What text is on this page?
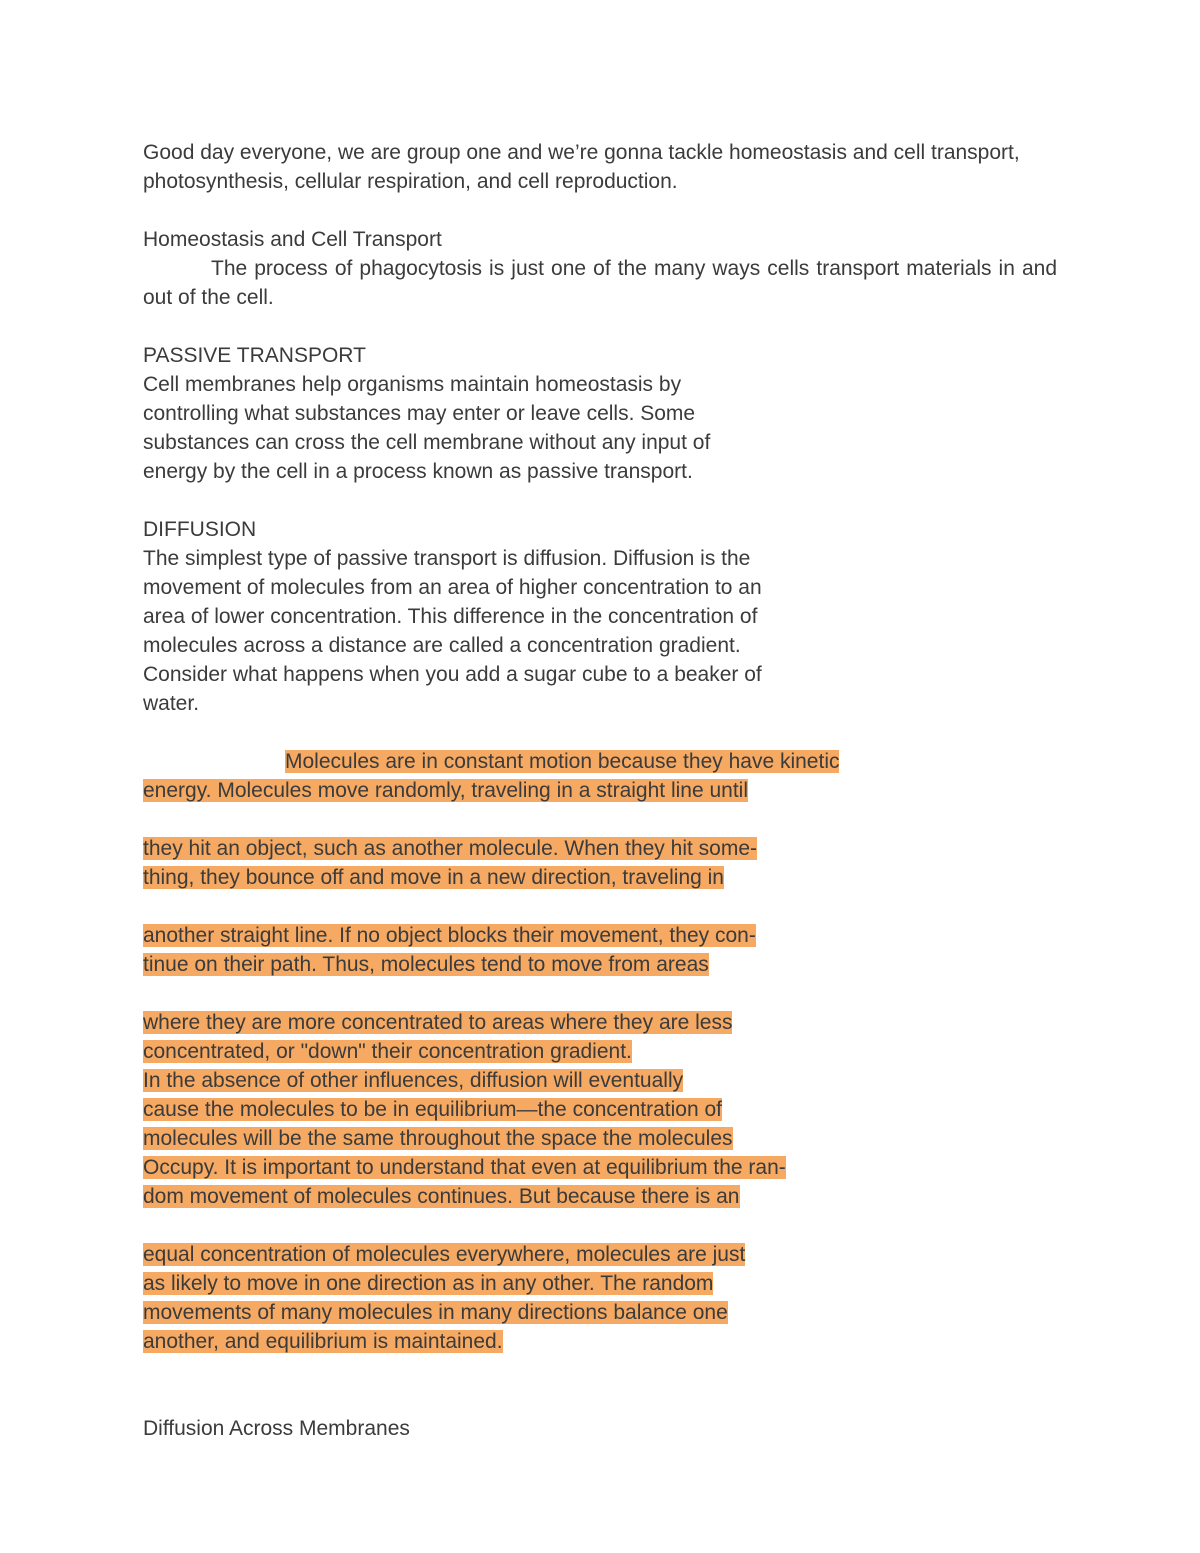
Good day everyone, we are group one and we’re gonna tackle homeostasis and cell transport,
photosynthesis, cellular respiration, and cell reproduction.
Homeostasis and Cell Transport
The process of phagocytosis is just one of the many ways cells transport materials in and out of the cell.
PASSIVE TRANSPORT
Cell membranes help organisms maintain homeostasis by
controlling what substances may enter or leave cells. Some
substances can cross the cell membrane without any input of
energy by the cell in a process known as passive transport.
DIFFUSION
The simplest type of passive transport is diffusion. Diffusion is the
movement of molecules from an area of higher concentration to an
area of lower concentration. This difference in the concentration of
molecules across a distance are called a concentration gradient.
Consider what happens when you add a sugar cube to a beaker of
water.
Molecules are in constant motion because they have kinetic
energy. Molecules move randomly, traveling in a straight line until
they hit an object, such as another molecule. When they hit some-
thing, they bounce off and move in a new direction, traveling in
another straight line. If no object blocks their movement, they con-
tinue on their path. Thus, molecules tend to move from areas
where they are more concentrated to areas where they are less
concentrated, or "down" their concentration gradient.
In the absence of other influences, diffusion will eventually
cause the molecules to be in equilibrium—the concentration of
molecules will be the same throughout the space the molecules
Occupy. It is important to understand that even at equilibrium the ran-
dom movement of molecules continues. But because there is an
equal concentration of molecules everywhere, molecules are just
as likely to move in one direction as in any other. The random
movements of many molecules in many directions balance one
another, and equilibrium is maintained.
Diffusion Across Membranes
